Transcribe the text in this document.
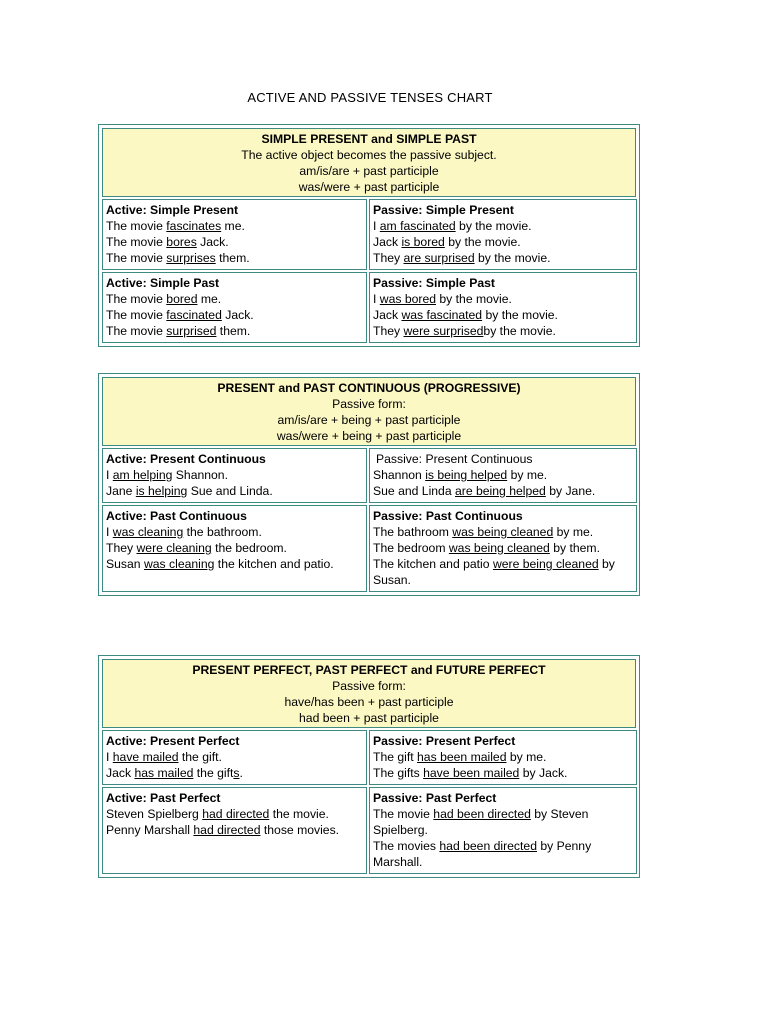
ACTIVE AND PASSIVE TENSES CHART
SIMPLE PRESENT and SIMPLE PAST
The active object becomes the passive subject.
am/is/are + past participle
was/were + past participle
Active: Simple Present
The movie fascinates me.
The movie bores Jack.
The movie surprises them.
Passive: Simple Present
I am fascinated by the movie.
Jack is bored by the movie.
They are surprised by the movie.
Active: Simple Past
The movie bored me.
The movie fascinated Jack.
The movie surprised them.
Passive: Simple Past
I was bored by the movie.
Jack was fascinated by the movie.
They were surprisedby the movie.
PRESENT and PAST CONTINUOUS (PROGRESSIVE)
Passive form:
am/is/are + being + past participle
was/were + being + past participle
Active: Present Continuous
I am helping Shannon.
Jane is helping Sue and Linda.
Passive: Present Continuous
Shannon is being helped by me.
Sue and Linda are being helped by Jane.
Active: Past Continuous
I was cleaning the bathroom.
They were cleaning the bedroom.
Susan was cleaning the kitchen and patio.
Passive: Past Continuous
The bathroom was being cleaned by me.
The bedroom was being cleaned by them.
The kitchen and patio were being cleaned by Susan.
PRESENT PERFECT, PAST PERFECT and FUTURE PERFECT
Passive form:
have/has been + past participle
had been + past participle
Active: Present Perfect
I have mailed the gift.
Jack has mailed the gifts.
Passive: Present Perfect
The gift has been mailed by me.
The gifts have been mailed by Jack.
Active: Past Perfect
Steven Spielberg had directed the movie.
Penny Marshall had directed those movies.
Passive: Past Perfect
The movie had been directed by Steven Spielberg.
The movies had been directed by Penny Marshall.
